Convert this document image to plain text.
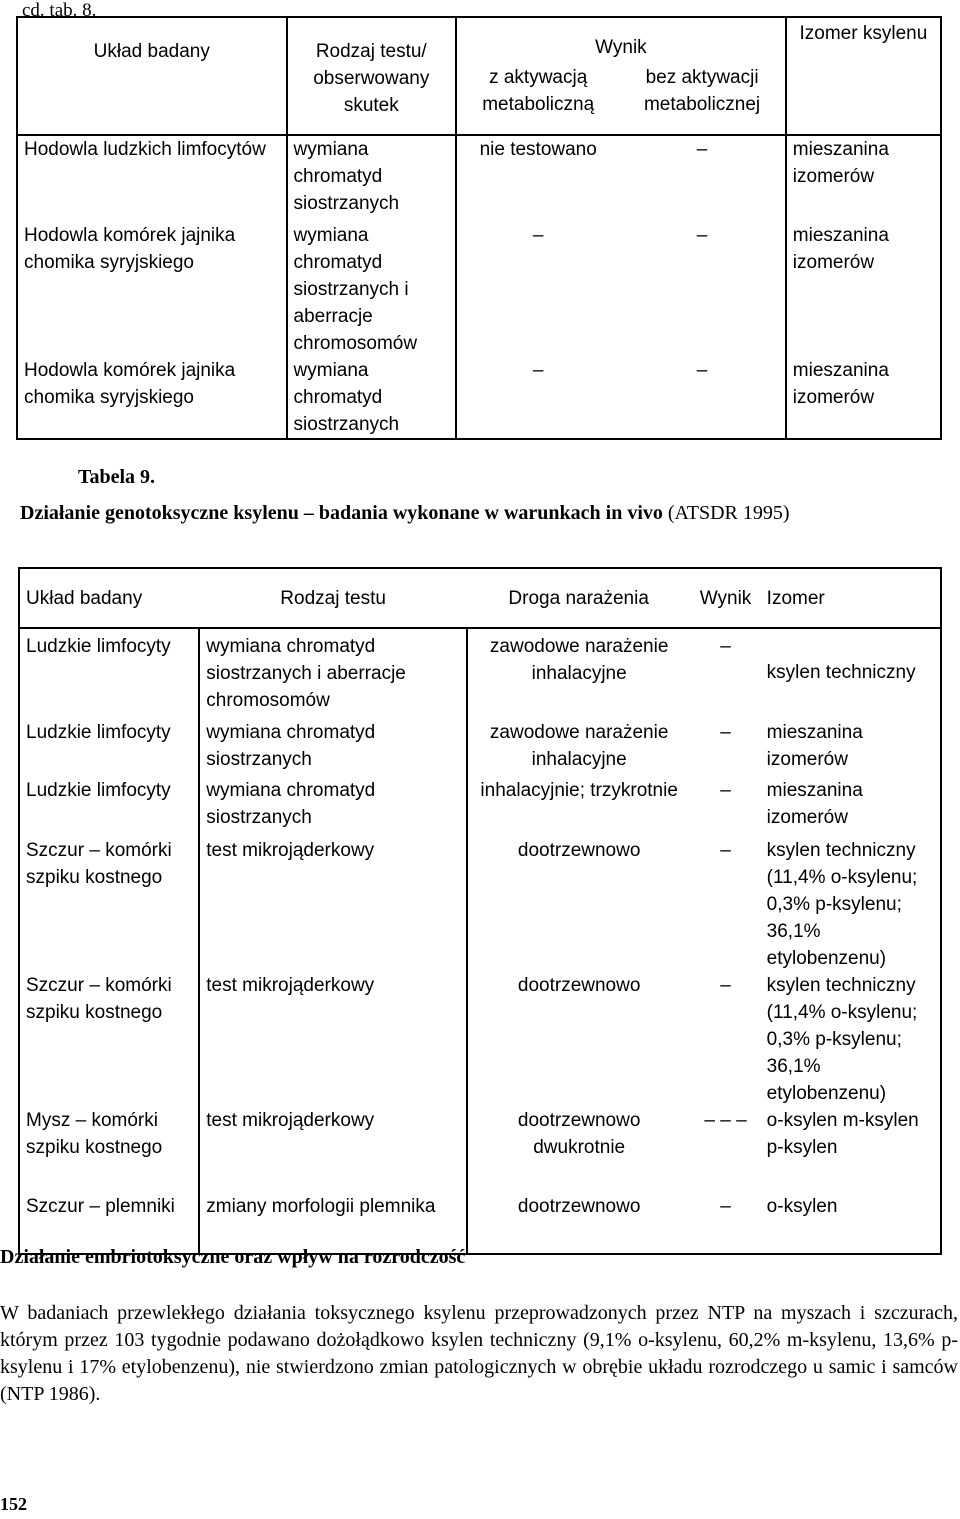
cd. tab. 8.
Układ badany	Rodzaj testu/ obserwowany skutek	Wynik		Izomer ksylenu
		z aktywacją metaboliczną	bez aktywacji metabolicznej	
Hodowla ludzkich limfocytów	wymiana chromatyd siostrzanych	nie testowano	–	mieszanina izomerów
Hodowla komórek jajnika chomika syryjskiego	wymiana chromatyd siostrzanych i aberracje chromosomów	–	–	mieszanina izomerów
Hodowla komórek jajnika chomika syryjskiego	wymiana chromatyd siostrzanych	–	–	mieszanina izomerów
Tabela 9.
Działanie genotoksyczne ksylenu – badania wykonane w warunkach in vivo (ATSDR 1995)
Układ badany	Rodzaj testu	Droga narażenia	Wynik	Izomer

Ludzkie limfocyty	wymiana chromatyd siostrzanych i aberracje chromosomów	zawodowe narażenie inhalacyjne	–	ksylen techniczny
Ludzkie limfocyty	wymiana chromatyd siostrzanych	zawodowe narażenie inhalacyjne	–	mieszanina izomerów
Ludzkie limfocyty	wymiana chromatyd siostrzanych	inhalacyjnie; trzykrotnie	–	mieszanina izomerów
Szczur – komórki szpiku kostnego	test mikrojąderkowy	dootrzewnowo	–	ksylen techniczny (11,4% o-ksylenu; 0,3% p-ksylenu; 36,1% etylobenzenu)
Szczur – komórki szpiku kostnego	test mikrojąderkowy	dootrzewnowo	–	ksylen techniczny (11,4% o-ksylenu; 0,3% p-ksylenu; 36,1% etylobenzenu)
Mysz – komórki szpiku kostnego	test mikrojąderkowy	dootrzewnowo dwukrotnie	– – –	o-ksylen m-ksylen p-ksylen
Szczur – plemniki	zmiany morfologii plemnika	dootrzewnowo	–	o-ksylen
Działanie embriotoksyczne oraz wpływ na rozrodczość
W badaniach przewlekłego działania toksycznego ksylenu przeprowadzonych przez NTP na myszach i szczurach, którym przez 103 tygodnie podawano dożołądkowo ksylen techniczny (9,1% o-ksylenu, 60,2% m-ksylenu, 13,6% p-ksylenu i 17% etylobenzenu), nie stwierdzono zmian patologicznych w obrębie układu rozrodczego u samic i samców (NTP 1986).
152
